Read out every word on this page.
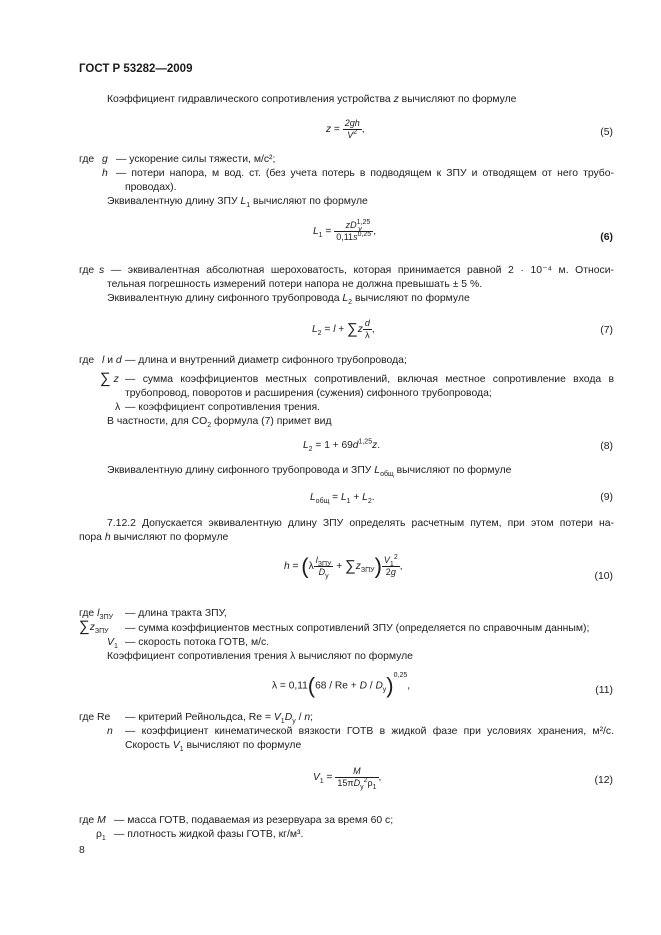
ГОСТ Р 53282—2009
Коэффициент гидравлического сопротивления устройства z вычисляют по формуле
$z = \frac{2gh}{V^2}$ ,	(5)
где g — ускорение силы тяжести, м/с²;
h — потери напора, м вод. ст. (без учета потерь в подводящем к ЗПУ и отводящем от него трубо-
проводах).
Эквивалентную длину ЗПУ $L_1$ вычисляют по формуле
$L_1 = \frac{zD^{1,25}_y}{0,11s^{0,25}}$ ,
(6)
где s — эквивалентная абсолютная шероховатость, которая принимается равной 2 · 10⁻⁴ м. Относи-
тельная погрешность измерений потери напора не должна превышать ± 5 %.
Эквивалентную длину сифонного трубопровода $L_2$ вычисляют по формуле
$L_2 = l + \sum z \frac{d}{\lambda}$ ,	(7)
где l и d — длина и внутренний диаметр сифонного трубопровода;
∑ z — сумма коэффициентов местных сопротивлений, включая местное сопротивление входа в
трубопровод, поворотов и расширения (сужения) сифонного трубопровода;
λ — коэффициент сопротивления трения.
В частности, для $CO_2$ формула (7) примет вид
$L_2 = 1 + 69d^{1,25}z$.	(8)
Эквивалентную длину сифонного трубопровода и ЗПУ $L_{общ}$ вычисляют по формуле
$L_{общ} = L_1 + L_2$.	(9)
7.12.2 Допускается эквивалентную длину ЗПУ определять расчетным путем, при этом потери на-
пора h вычисляют по формуле
$h = (\lambda \frac{l_{ЗПУ}}{D_y} + \sum z_{ЗПУ}) \frac{V_1^2}{2g}$ ,
(10)
где $l_{ЗПУ}$ — длина тракта ЗПУ,
$\sum z_{ЗПУ}$ — сумма коэффициентов местных сопротивлений ЗПУ (определяется по справочным данным);
$V_1$ — скорость потока ГОТВ, м/с.
Коэффициент сопротивления трения λ вычисляют по формуле
$\lambda = 0,11(68 / Re + D / D_y)^{0,25}$,	(11)
где Re — критерий Рейнольдса, $Re = V_1D_y / n$;
n — коэффициент кинематической вязкости ГОТВ в жидкой фазе при условиях хранения, м²/с.
Скорость $V_1$ вычисляют по формуле
$V_1 = \frac{M}{15\pi D_y^2\rho_1}$ ,	(12)
где M — масса ГОТВ, подаваемая из резервуара за время 60 с;
$\rho_1$ — плотность жидкой фазы ГОТВ, кг/м³.
8
